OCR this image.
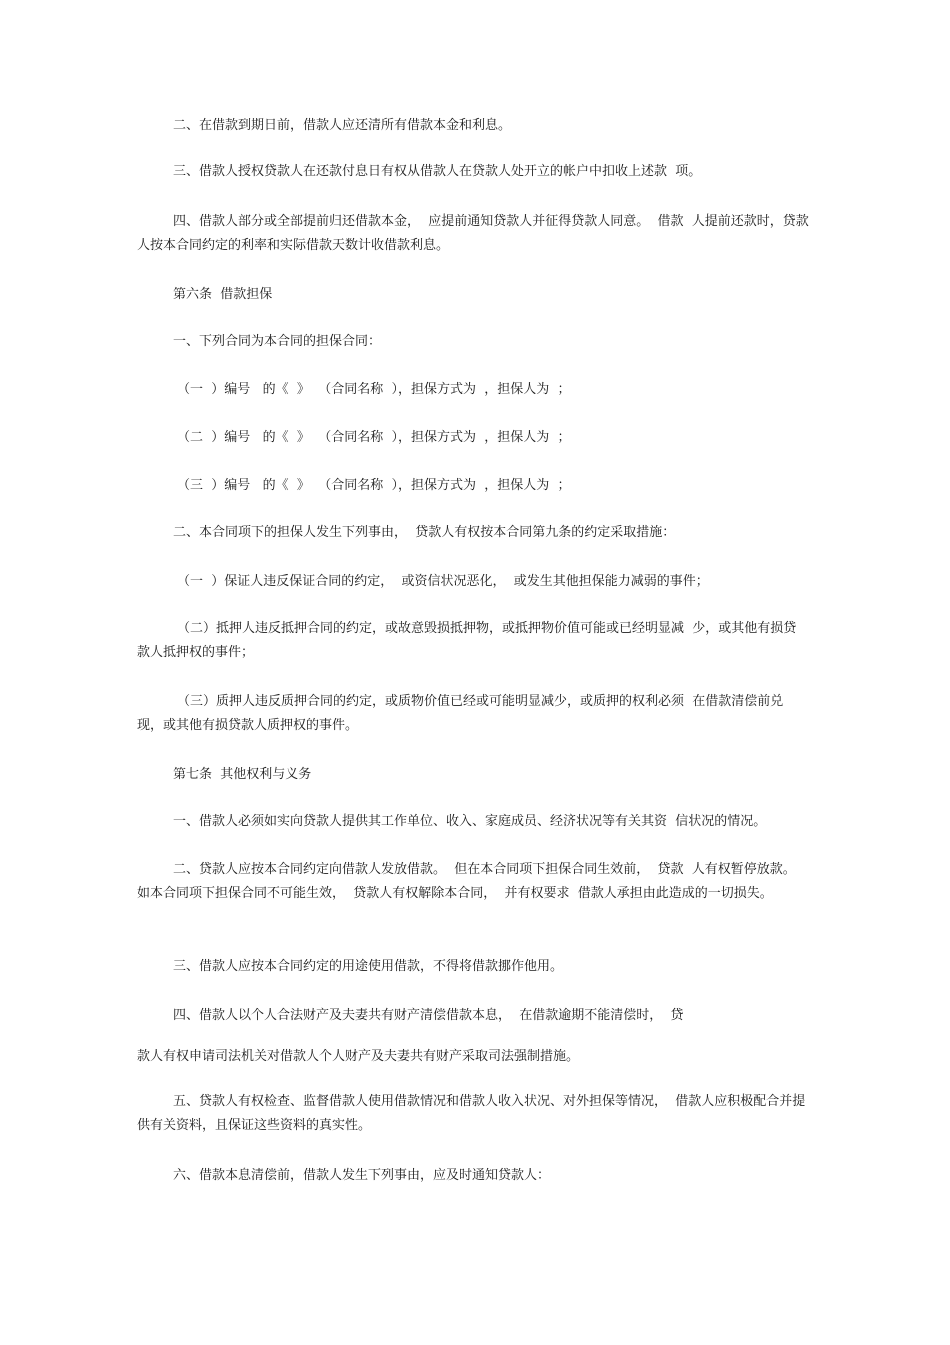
二、在借款到期日前，借款人应还清所有借款本金和利息。

三、借款人授权贷款人在还款付息日有权从借款人在贷款人处开立的帐户中扣收上述款  项。

四、借款人部分或全部提前归还借款本金，  应提前通知贷款人并征得贷款人同意。  借款  人提前还款时，贷款人按本合同约定的利率和实际借款天数计收借款利息。

第六条  借款担保

一、下列合同为本合同的担保合同：

（一  ）编号   的《  》  （合同名称  ），担保方式为  ，担保人为  ；

（二  ）编号   的《  》  （合同名称  ），担保方式为  ，担保人为  ；

（三  ）编号   的《  》  （合同名称  ），担保方式为  ，担保人为  ；

二、本合同项下的担保人发生下列事由，  贷款人有权按本合同第九条的约定采取措施：

（一  ）保证人违反保证合同的约定，  或资信状况恶化，  或发生其他担保能力减弱的事件；

（二）抵押人违反抵押合同的约定，或故意毁损抵押物，或抵押物价值可能或已经明显减  少，或其他有损贷款人抵押权的事件；

（三）质押人违反质押合同的约定，或质物价值已经或可能明显减少，或质押的权利必须  在借款清偿前兑现，或其他有损贷款人质押权的事件。

第七条  其他权利与义务

一、借款人必须如实向贷款人提供其工作单位、收入、家庭成员、经济状况等有关其资  信状况的情况。

二、贷款人应按本合同约定向借款人发放借款。  但在本合同项下担保合同生效前，  贷款  人有权暂停放款。  如本合同项下担保合同不可能生效，  贷款人有权解除本合同，  并有权要求  借款人承担由此造成的一切损失。

三、借款人应按本合同约定的用途使用借款，不得将借款挪作他用。

四、借款人以个人合法财产及夫妻共有财产清偿借款本息，  在借款逾期不能清偿时，  贷

款人有权申请司法机关对借款人个人财产及夫妻共有财产采取司法强制措施。

五、贷款人有权检查、监督借款人使用借款情况和借款人收入状况、对外担保等情况，  借款人应积极配合并提供有关资料，且保证这些资料的真实性。

六、借款本息清偿前，借款人发生下列事由，应及时通知贷款人：
